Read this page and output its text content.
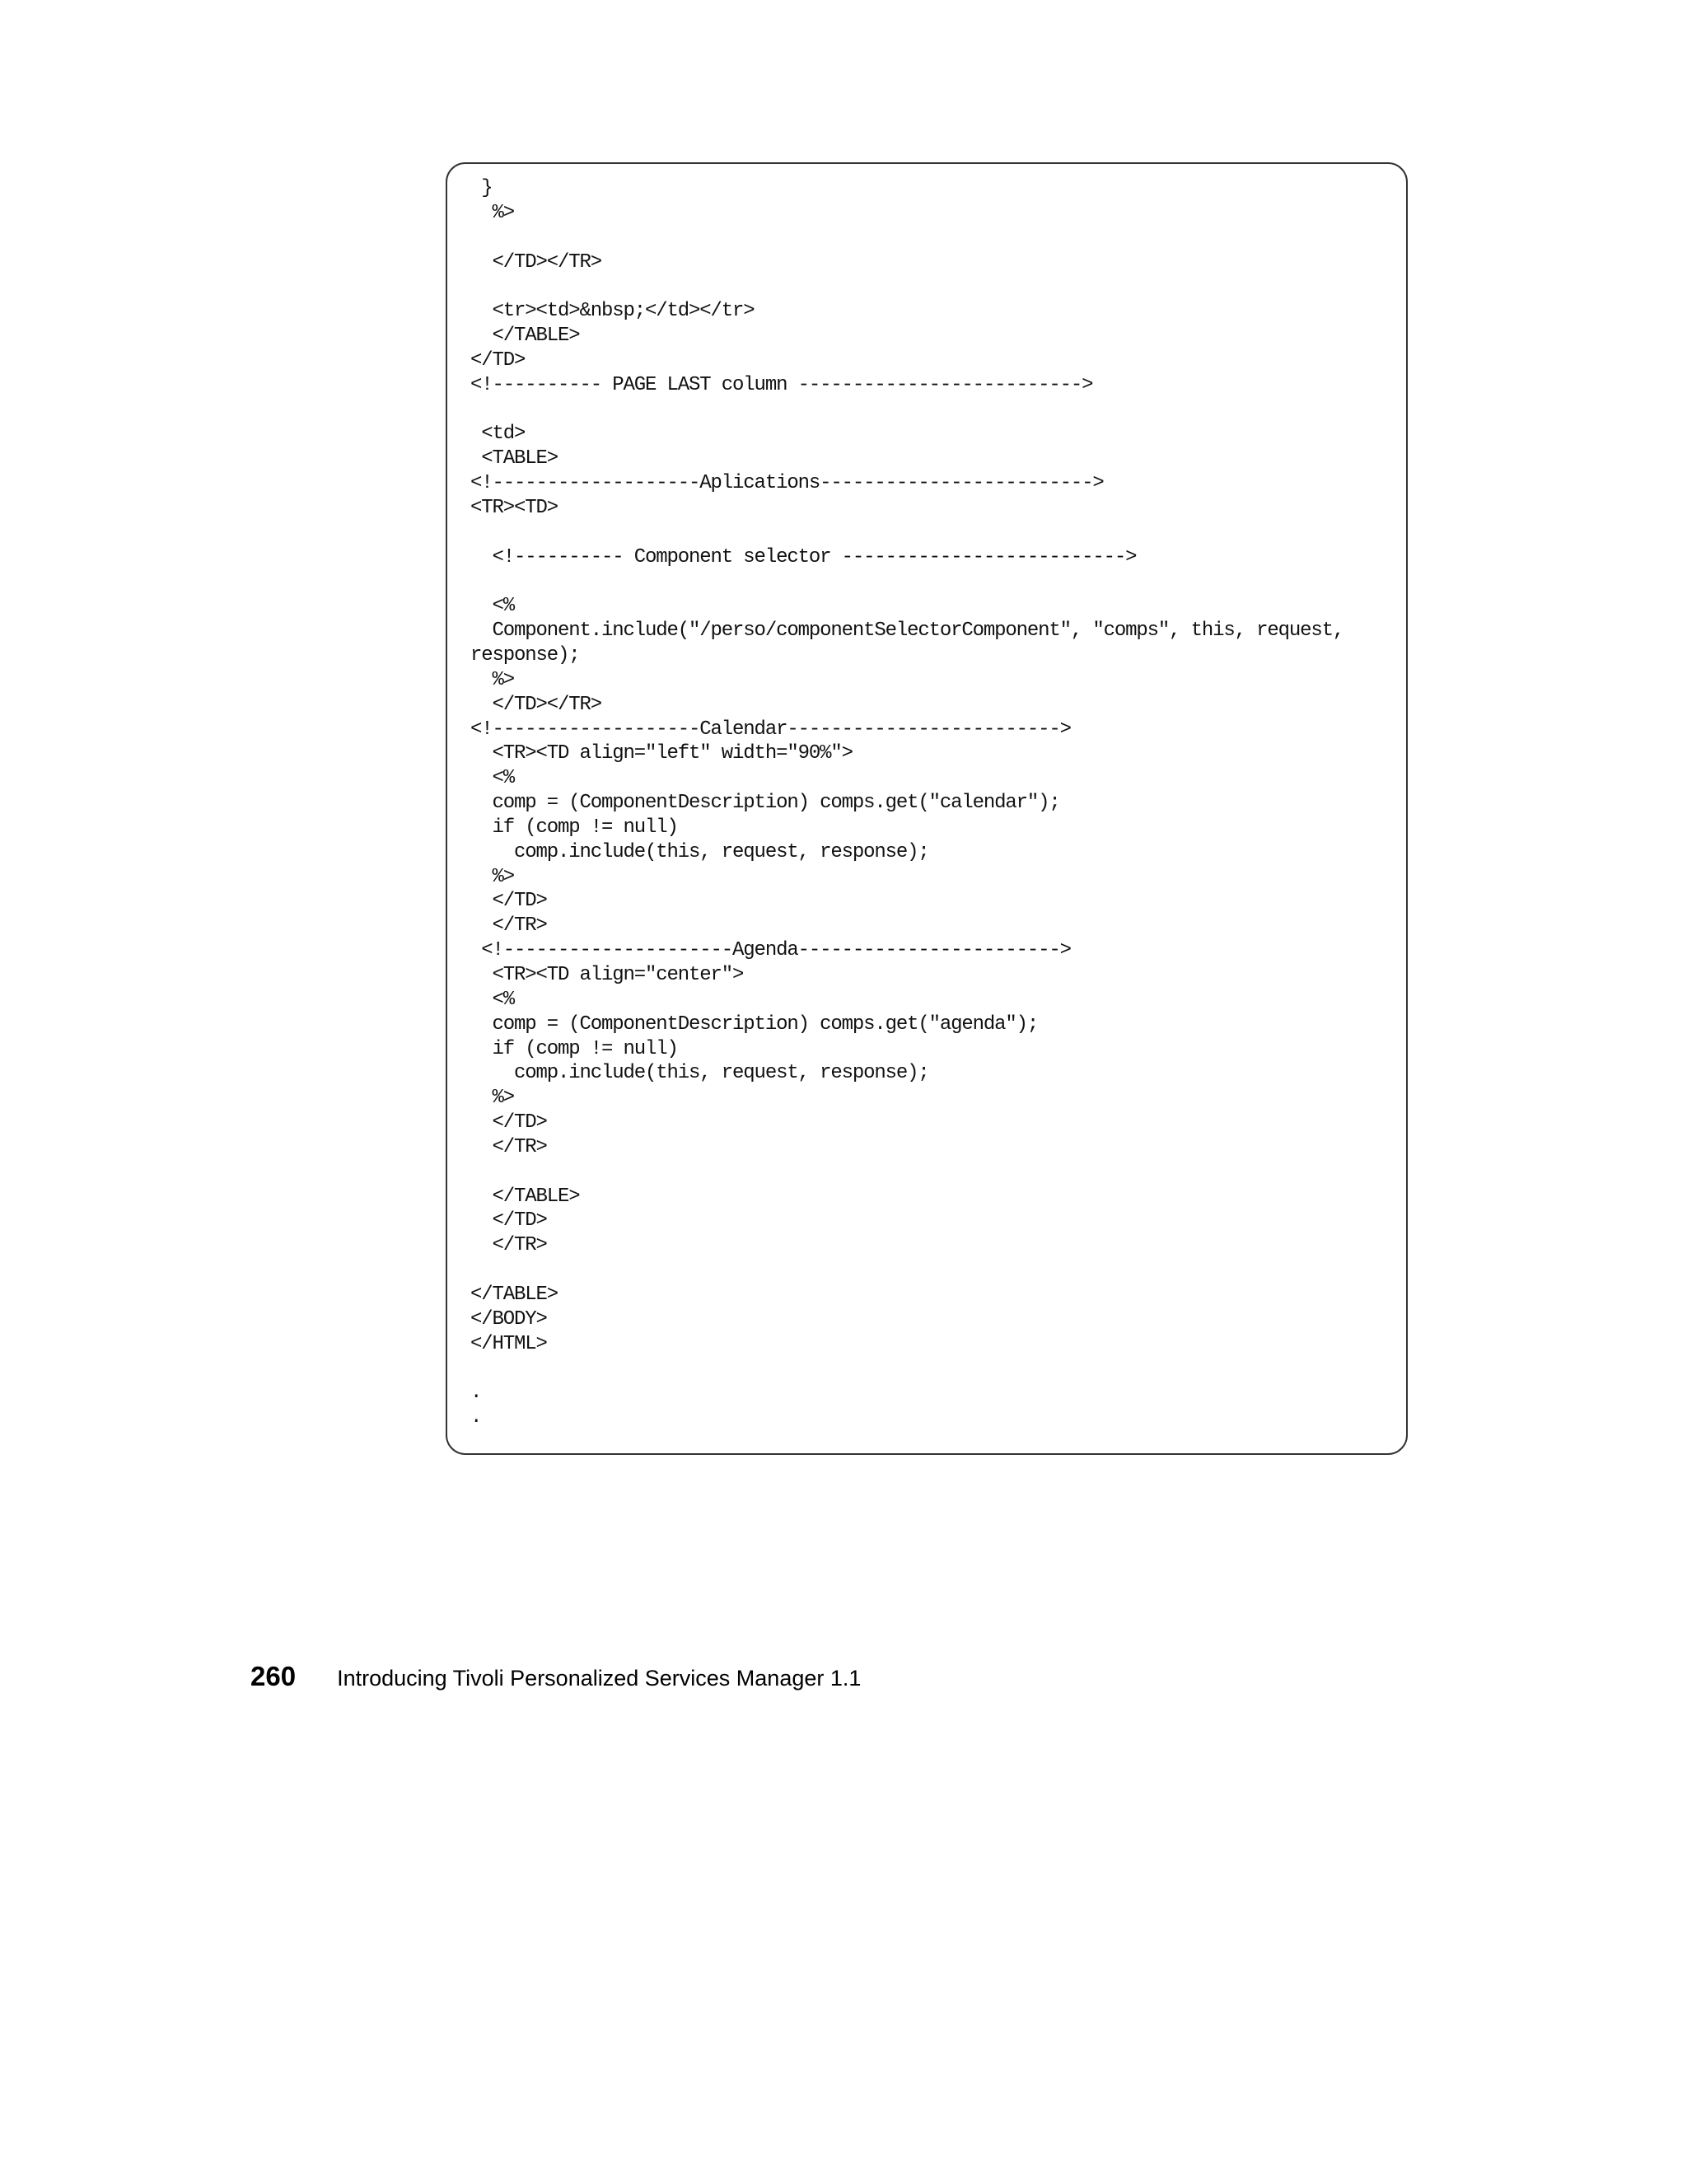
}
%>
</TD></TR>
<tr><td>&nbsp;</td></tr>
</TABLE>
</TD>
<!---------- PAGE LAST column -------------------------->
<td>
<TABLE>
<!-------------------Aplications------------------------->
<TR><TD>
<!---------- Component selector -------------------------->
<%
Component.include("/perso/componentSelectorComponent", "comps", this, request,
response);
%>
</TD></TR>
<!-------------------Calendar------------------------->
<TR><TD align="left" width="90%">
<%
comp = (ComponentDescription) comps.get("calendar");
if (comp != null)
comp.include(this, request, response);
%>
</TD>
</TR>
<!---------------------Agenda------------------------>
<TR><TD align="center">
<%
comp = (ComponentDescription) comps.get("agenda");
if (comp != null)
comp.include(this, request, response);
%>
</TD>
</TR>
</TABLE>
</TD>
</TR>
</TABLE>
</BODY>
</HTML>
.
.
260 Introducing Tivoli Personalized Services Manager 1.1
